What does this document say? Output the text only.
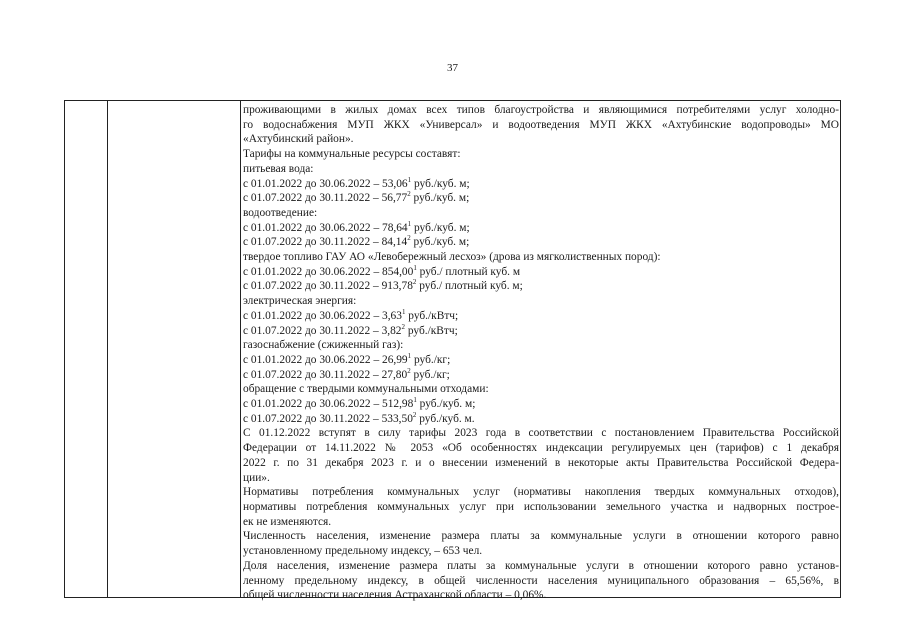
37
проживающими в жилых домах всех типов благоустройства и являющимися потребителями услуг холодно-
го водоснабжения МУП ЖКХ «Универсал» и водоотведения МУП ЖКХ «Ахтубинские водопроводы» МО
«Ахтубинский район».
Тарифы на коммунальные ресурсы составят:
питьевая вода:
с 01.01.2022 до 30.06.2022 – 53,06$^1$ руб./куб. м;
с 01.07.2022 до 30.11.2022 – 56,77$^2$ руб./куб. м;
водоотведение:
с 01.01.2022 до 30.06.2022 – 78,64$^1$ руб./куб. м;
с 01.07.2022 до 30.11.2022 – 84,14$^2$ руб./куб. м;
твердое топливо ГАУ АО «Левобережный лесхоз» (дрова из мягколиственных пород):
с 01.01.2022 до 30.06.2022 – 854,00$^1$ руб./ плотный куб. м
с 01.07.2022 до 30.11.2022 – 913,78$^2$ руб./ плотный куб. м;
электрическая энергия:
с 01.01.2022 до 30.06.2022 – 3,63$^1$ руб./кВтч;
с 01.07.2022 до 30.11.2022 – 3,82$^2$ руб./кВтч;
газоснабжение (сжиженный газ):
с 01.01.2022 до 30.06.2022 – 26,99$^1$ руб./кг;
с 01.07.2022 до 30.11.2022 – 27,80$^2$ руб./кг;
обращение с твердыми коммунальными отходами:
с 01.01.2022 до 30.06.2022 – 512,98$^1$ руб./куб. м;
с 01.07.2022 до 30.11.2022 – 533,50$^2$ руб./куб. м.
С 01.12.2022 вступят в силу тарифы 2023 года в соответствии с постановлением Правительства Российской
Федерации от 14.11.2022 № 2053 «Об особенностях индексации регулируемых цен (тарифов) с 1 декабря
2022 г. по 31 декабря 2023 г. и о внесении изменений в некоторые акты Правительства Российской Федера-
ции».
Нормативы потребления коммунальных услуг (нормативы накопления твердых коммунальных отходов),
нормативы потребления коммунальных услуг при использовании земельного участка и надворных построе-
ек не изменяются.
Численность населения, изменение размера платы за коммунальные услуги в отношении которого равно
установленному предельному индексу, – 653 чел.
Доля населения, изменение размера платы за коммунальные услуги в отношении которого равно установ-
ленному предельному индексу, в общей численности населения муниципального образования – 65,56%, в
общей численности населения Астраханской области – 0,06%.
